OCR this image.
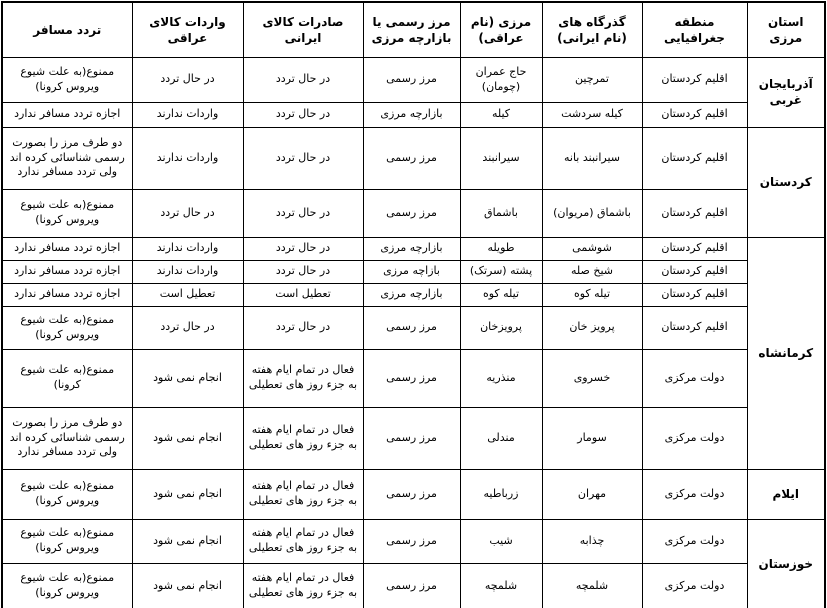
استان مرزی	منطقه جغرافیایی	گذرگاه های (نام ایرانی)	مرزی (نام عراقی)	مرز رسمی یا بازارچه مرزی	صادرات کالای ایرانی	واردات کالای عراقی	تردد مسافر
آذربایجان غربی	اقلیم کردستان	تمرچین	حاج عمران (چومان)	مرز رسمی	در حال تردد	در حال تردد	ممنوع(به علت شیوع ویروس کرونا)
	اقلیم کردستان	کیله سردشت	کیله	بازارچه مرزی	در حال تردد	واردات ندارند	اجازه تردد مسافر ندارد
کردستان	اقلیم کردستان	سیرانبند بانه	سیرانبند	مرز رسمی	در حال تردد	واردات ندارند	دو طرف مرز را بصورت رسمی شناسائی کرده اند ولی تردد مسافر ندارد
	اقلیم کردستان	باشماق (مریوان)	باشماق	مرز رسمی	در حال تردد	در حال تردد	ممنوع(به علت شیوع ویروس کرونا)
کرمانشاه	اقلیم کردستان	شوشمی	طویله	بازارچه مرزی	در حال تردد	واردات ندارند	اجازه تردد مسافر ندارد
	اقلیم کردستان	شیخ صله	پشته (سرتک)	بازاچه مرزی	در حال تردد	واردات ندارند	اجازه تردد مسافر ندارد
	اقلیم کردستان	تیله کوه	تیله کوه	بازارچه مرزی	تعطیل است	تعطیل است	اجازه تردد مسافر ندارد
	اقلیم کردستان	پرویز خان	پرویزخان	مرز رسمی	در حال تردد	در حال تردد	ممنوع(به علت شیوع ویروس کرونا)
	دولت مرکزی	خسروی	منذریه	مرز رسمی	فعال در تمام ایام هفته به جزء روز های تعطیلی	انجام نمی شود	ممنوع(به علت شیوع کرونا)
	دولت مرکزی	سومار	مندلی	مرز رسمی	فعال در تمام ایام هفته به جزء روز های تعطیلی	انجام نمی شود	دو طرف مرز را بصورت رسمی شناسائی کرده اند ولی تردد مسافر ندارد
ایلام	دولت مرکزی	مهران	زرباطیه	مرز رسمی	فعال در تمام ایام هفته به جزء روز های تعطیلی	انجام نمی شود	ممنوع(به علت شیوع ویروس کرونا)
خوزستان	دولت مرکزی	چذابه	شیب	مرز رسمی	فعال در تمام ایام هفته به جزء روز های تعطیلی	انجام نمی شود	ممنوع(به علت شیوع ویروس کرونا)
	دولت مرکزی	شلمچه	شلمچه	مرز رسمی	فعال در تمام ایام هفته به جزء روز های تعطیلی	انجام نمی شود	ممنوع(به علت شیوع ویروس کرونا)
